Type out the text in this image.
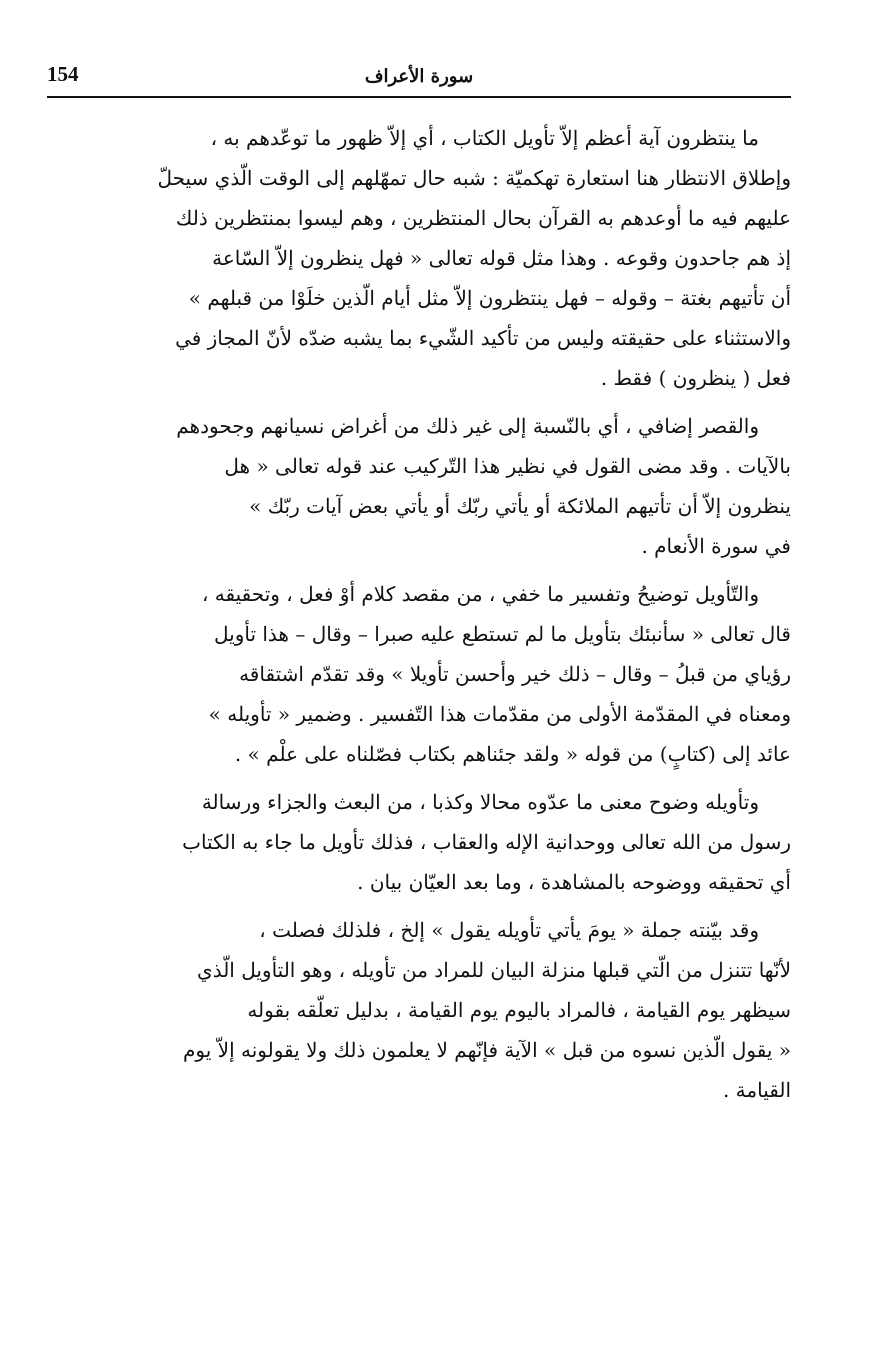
154	سورة الأعراف

ما ينتظرون آية أعظم إلاّ تأويل الكتاب ، أي إلاّ ظهور ما توعّدهم به ،
وإطلاق الانتظار هنا استعارة تهكميّة : شبه حال تمهّلهم إلى الوقت الّذي سيحلّ
عليهم فيه ما أوعدهم به القرآن بحال المنتظرين ، وهم ليسوا بمنتظرين ذلك
إذ هم جاحدون وقوعه . وهذا مثل قوله تعالى « فهل ينظرون إلاّ السّاعة
أن تأتيهم بغتة – وقوله – فهل ينتظرون إلاّ مثل أيام الّذين خلَوْا من قبلهم »
والاستثناء على حقيقته وليس من تأكيد الشّيء بما يشبه ضدّه لأنّ المجاز في
فعل ( ينظرون ) فقط .

والقصر إضافي ، أي بالنّسبة إلى غير ذلك من أغراض نسيانهم وجحودهم
بالآيات . وقد مضى القول في نظير هذا التّركيب عند قوله تعالى « هل
ينظرون إلاّ أن تأتيهم الملائكة أو يأتي ربّك أو يأتي بعض آيات ربّك »
في سورة الأنعام .

والتّأويل توضيحُ وتفسير ما خفي ، من مقصد كلام أوْ فعل ، وتحقيقه ،
قال تعالى « سأنبئك بتأويل ما لم تستطع عليه صبرا – وقال – هذا تأويل
رؤياي من قبلُ – وقال – ذلك خير وأحسن تأويلا » وقد تقدّم اشتقاقه
ومعناه في المقدّمة الأولى من مقدّمات هذا التّفسير . وضمير « تأويله »
عائد إلى (كتابٍ) من قوله « ولقد جئناهم بكتاب فصّلناه على علْم » .

وتأويله وضوح معنى ما عدّوه محالا وكذبا ، من البعث والجزاء ورسالة
رسول من الله تعالى ووحدانية الإله والعقاب ، فذلك تأويل ما جاء به الكتاب
أي تحقيقه ووضوحه بالمشاهدة ، وما بعد العيّان بيان .

وقد بيّنته جملة « يومَ يأتي تأويله يقول » إلخ ، فلذلك فصلت ،
لأنّها تتنزل من الّتي قبلها منزلة البيان للمراد من تأويله ، وهو التأويل الّذي
سيظهر يوم القيامة ، فالمراد باليوم يوم القيامة ، بدليل تعلّقه بقوله
« يقول الّذين نسوه من قبل » الآية فإنّهم لا يعلمون ذلك ولا يقولونه إلاّ يوم
القيامة .
